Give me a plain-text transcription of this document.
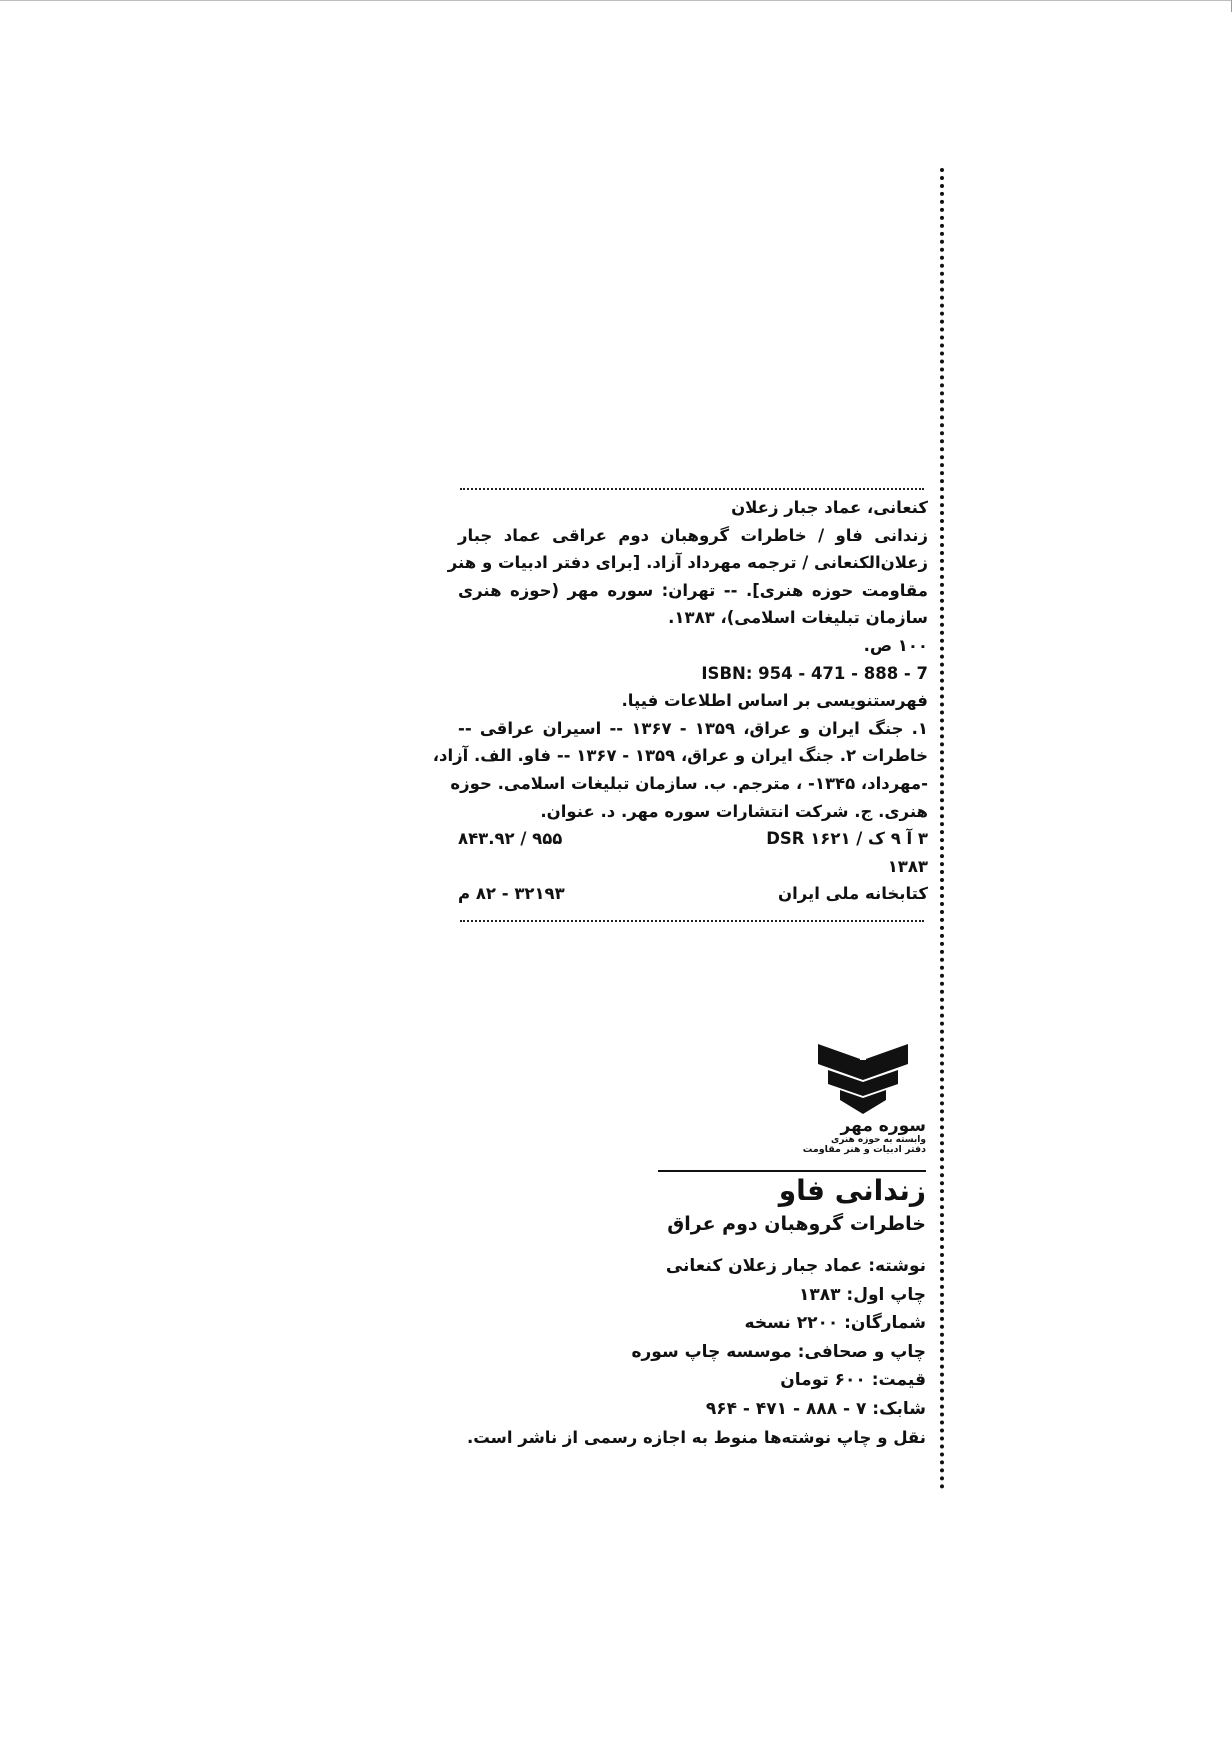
کنعانی، عماد جبار زعلان
زندانی فاو / خاطرات گروهبان دوم عراقی عماد جبار
زعلان‌الکنعانی / ترجمه مهرداد آزاد. [برای دفتر ادبیات و هنر
مقاومت حوزه هنری]. -- تهران: سوره مهر (حوزه هنری
سازمان تبلیغات اسلامی)، ۱۳۸۳.
۱۰۰ ص.
ISBN: 954 - 471 - 888 - 7
فهرستنویسی بر اساس اطلاعات فیپا.
۱. جنگ ایران و عراق، ۱۳۵۹ - ۱۳۶۷ -- اسیران عراقی --
خاطرات ۲. جنگ ایران و عراق، ۱۳۵۹ - ۱۳۶۷ -- فاو. الف. آزاد،
-مهرداد، ۱۳۴۵- ، مترجم. ب. سازمان تبلیغات اسلامی. حوزه
هنری. ج. شرکت انتشارات سوره مهر. د. عنوان.
۳ آ ۹ ک / DSR ۱۶۲۱
۹۵۵ / ۸۴۳.۹۲
۱۳۸۳
کتابخانه ملی ایران
۳۲۱۹۳ - ۸۲ م
سوره مهر
وابسته به حوزه هنری
دفتر ادبیات و هنر مقاومت
زندانی فاو
خاطرات گروهبان دوم عراق
نوشته: عماد جبار زعلان کنعانی
چاپ اول: ۱۳۸۳
شمارگان: ۲۲۰۰ نسخه
چاپ و صحافی: موسسه چاپ سوره
قیمت: ۶۰۰ تومان
شابک: ۷ - ۸۸۸ - ۴۷۱ - ۹۶۴
نقل و چاپ نوشته‌ها منوط به اجازه رسمی از ناشر است.
